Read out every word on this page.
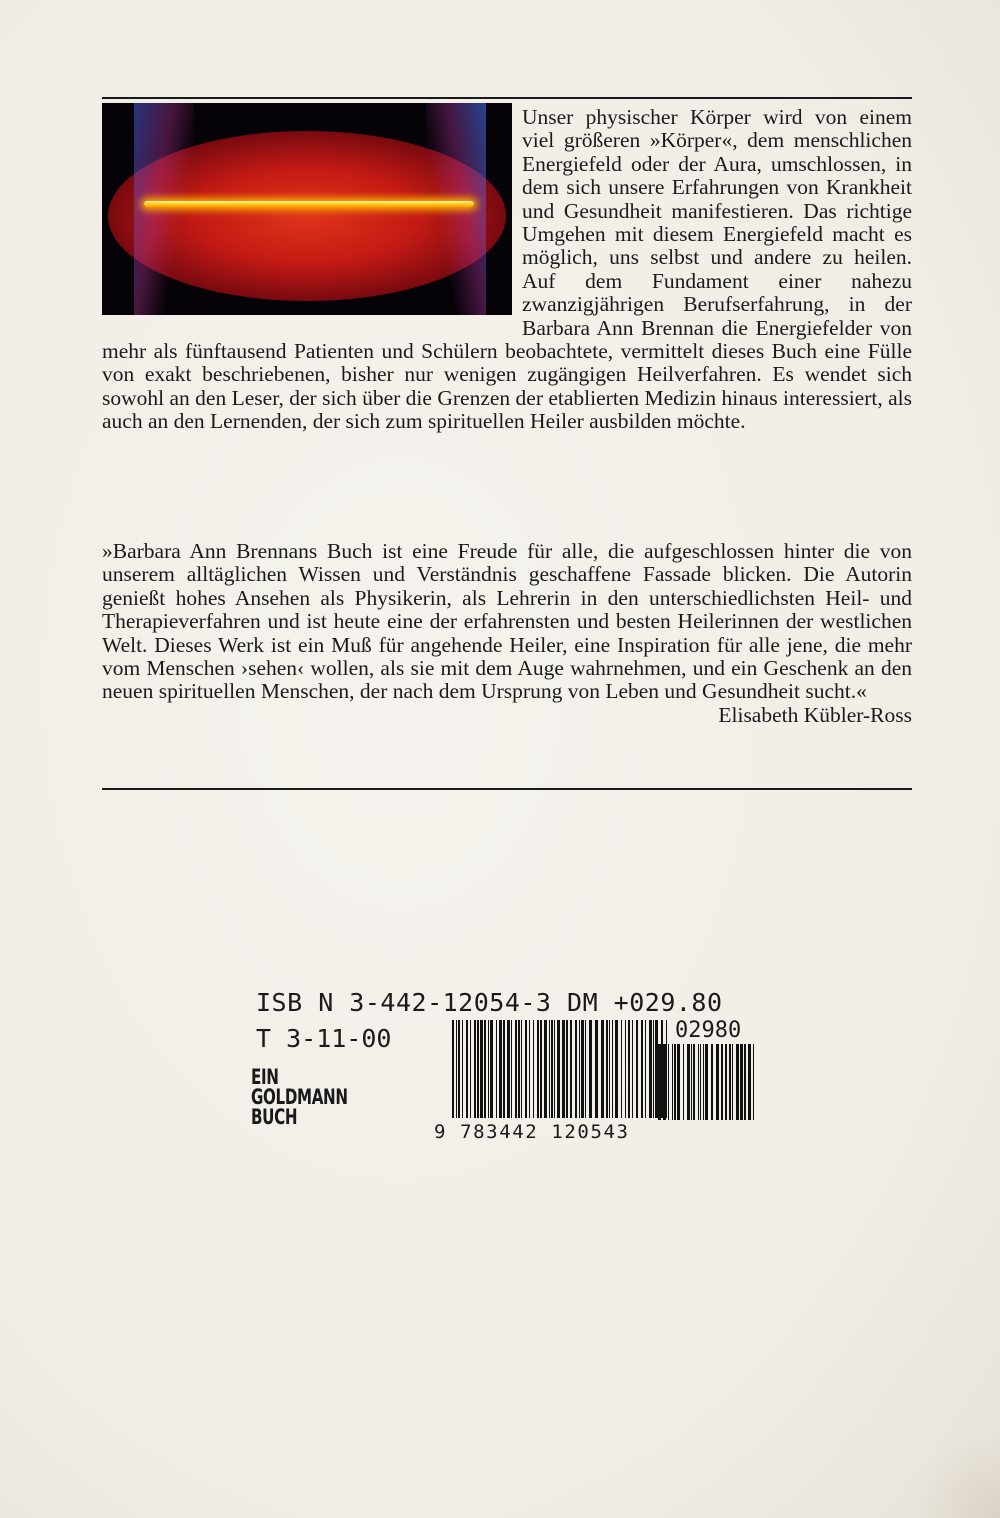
Unser physischer Körper wird von einem viel größeren »Körper«, dem menschlichen Energiefeld oder der Aura, umschlossen, in dem sich unsere Erfahrungen von Krankheit und Gesundheit manifestieren. Das richtige Umgehen mit diesem Energiefeld macht es möglich, uns selbst und andere zu heilen. Auf dem Fundament einer nahezu zwanzigjährigen Berufserfahrung, in der Barbara Ann Brennan die Energiefelder von mehr als fünftausend Patienten und Schülern beobachtete, vermittelt dieses Buch eine Fülle von exakt beschriebenen, bisher nur wenigen zugängigen Heilverfahren. Es wendet sich sowohl an den Leser, der sich über die Grenzen der etablierten Medizin hinaus interessiert, als auch an den Lernenden, der sich zum spirituellen Heiler ausbilden möchte.
»Barbara Ann Brennans Buch ist eine Freude für alle, die aufgeschlossen hinter die von unserem alltäglichen Wissen und Verständnis geschaffene Fassade blicken. Die Autorin genießt hohes Ansehen als Physikerin, als Lehrerin in den unterschiedlichsten Heil- und Therapieverfahren und ist heute eine der erfahrensten und besten Heilerinnen der westlichen Welt. Dieses Werk ist ein Muß für angehende Heiler, eine Inspiration für alle jene, die mehr vom Menschen ›sehen‹ wollen, als sie mit dem Auge wahrnehmen, und ein Geschenk an den neuen spirituellen Menschen, der nach dem Ursprung von Leben und Gesundheit sucht.«
Elisabeth Kübler-Ross
ISB N 3-442-12054-3 DM +029.80
T 3-11-00	02980
9 783442 120543
EIN
GOLDMANN
BUCH
